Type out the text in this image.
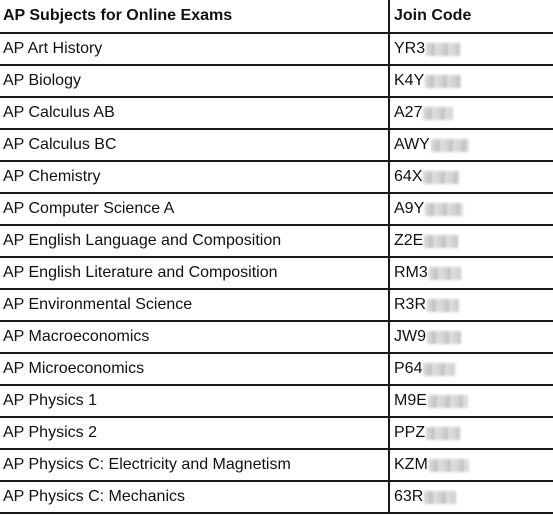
AP Subjects for Online Exams	Join Code
AP Art History	YR3
AP Biology	K4Y
AP Calculus AB	A27
AP Calculus BC	AWY
AP Chemistry	64X
AP Computer Science A	A9Y
AP English Language and Composition	Z2E
AP English Literature and Composition	RM3
AP Environmental Science	R3R
AP Macroeconomics	JW9
AP Microeconomics	P64
AP Physics 1	M9E
AP Physics 2	PPZ
AP Physics C: Electricity and Magnetism	KZM
AP Physics C: Mechanics	63R
